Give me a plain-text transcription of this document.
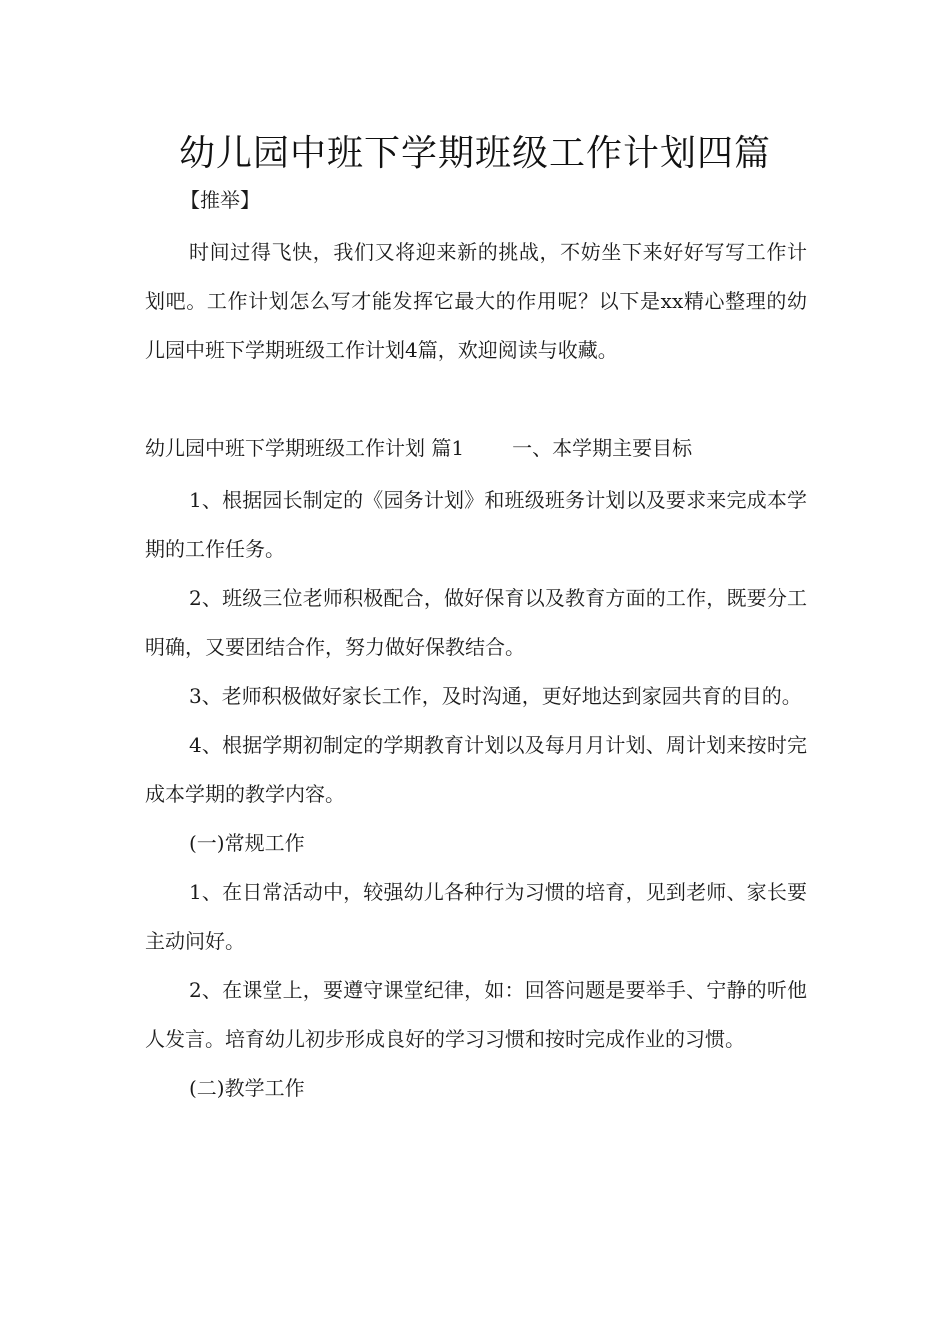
幼儿园中班下学期班级工作计划四篇

【推举】

时间过得飞快，我们又将迎来新的挑战，不妨坐下来好好写写工作计划吧。工作计划怎么写才能发挥它最大的作用呢？以下是xx精心整理的幼儿园中班下学期班级工作计划4篇，欢迎阅读与收藏。

幼儿园中班下学期班级工作计划 篇1 一、本学期主要目标

1、根据园长制定的《园务计划》和班级班务计划以及要求来完成本学期的工作任务。

2、班级三位老师积极配合，做好保育以及教育方面的工作，既要分工明确，又要团结合作，努力做好保教结合。

3、老师积极做好家长工作，及时沟通，更好地达到家园共育的目的。

4、根据学期初制定的学期教育计划以及每月月计划、周计划来按时完成本学期的教学内容。

(一)常规工作

1、在日常活动中，较强幼儿各种行为习惯的培育，见到老师、家长要主动问好。

2、在课堂上，要遵守课堂纪律，如：回答问题是要举手、宁静的听他人发言。培育幼儿初步形成良好的学习习惯和按时完成作业的习惯。

(二)教学工作
